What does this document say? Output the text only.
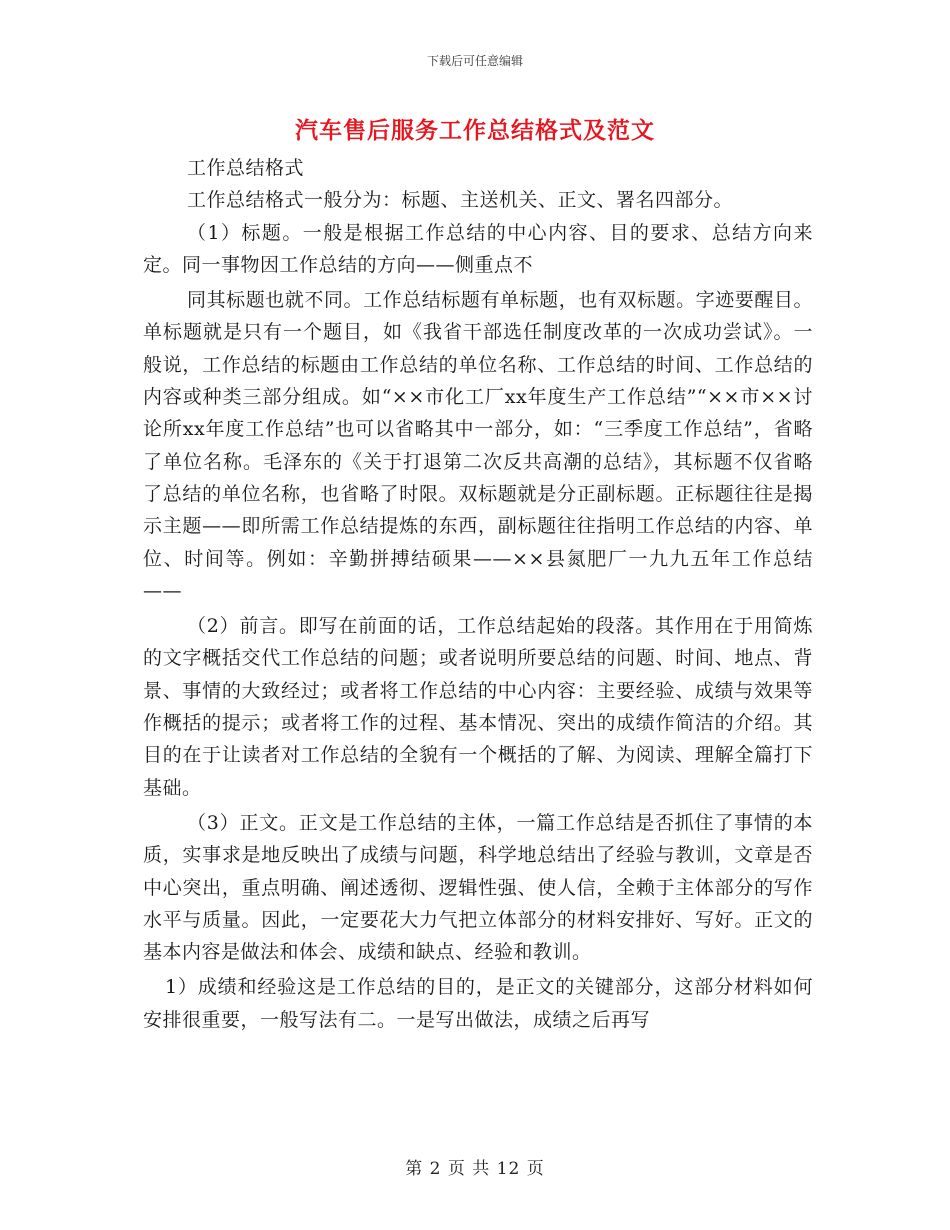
下载后可任意编辑
汽车售后服务工作总结格式及范文

工作总结格式

工作总结格式一般分为：标题、主送机关、正文、署名四部分。

（1）标题。一般是根据工作总结的中心内容、目的要求、总结方向来定。同一事物因工作总结的方向——侧重点不

同其标题也就不同。工作总结标题有单标题，也有双标题。字迹要醒目。单标题就是只有一个题目，如《我省干部选任制度改革的一次成功尝试》。一般说，工作总结的标题由工作总结的单位名称、工作总结的时间、工作总结的内容或种类三部分组成。如“××市化工厂xx年度生产工作总结”“××市××讨论所xx年度工作总结”也可以省略其中一部分，如：“三季度工作总结”，省略了单位名称。毛泽东的《关于打退第二次反共高潮的总结》，其标题不仅省略了总结的单位名称，也省略了时限。双标题就是分正副标题。正标题往往是揭示主题——即所需工作总结提炼的东西，副标题往往指明工作总结的内容、单位、时间等。例如：辛勤拼搏结硕果——××县氮肥厂一九九五年工作总结——

（2）前言。即写在前面的话，工作总结起始的段落。其作用在于用简炼的文字概括交代工作总结的问题；或者说明所要总结的问题、时间、地点、背景、事情的大致经过；或者将工作总结的中心内容：主要经验、成绩与效果等作概括的提示；或者将工作的过程、基本情况、突出的成绩作简洁的介绍。其目的在于让读者对工作总结的全貌有一个概括的了解、为阅读、理解全篇打下基础。

（3）正文。正文是工作总结的主体，一篇工作总结是否抓住了事情的本质，实事求是地反映出了成绩与问题，科学地总结出了经验与教训，文章是否中心突出，重点明确、阐述透彻、逻辑性强、使人信，全赖于主体部分的写作水平与质量。因此，一定要花大力气把立体部分的材料安排好、写好。正文的基本内容是做法和体会、成绩和缺点、经验和教训。

1）成绩和经验这是工作总结的目的，是正文的关键部分，这部分材料如何安排很重要，一般写法有二。一是写出做法，成绩之后再写

第 2 页 共 12 页
